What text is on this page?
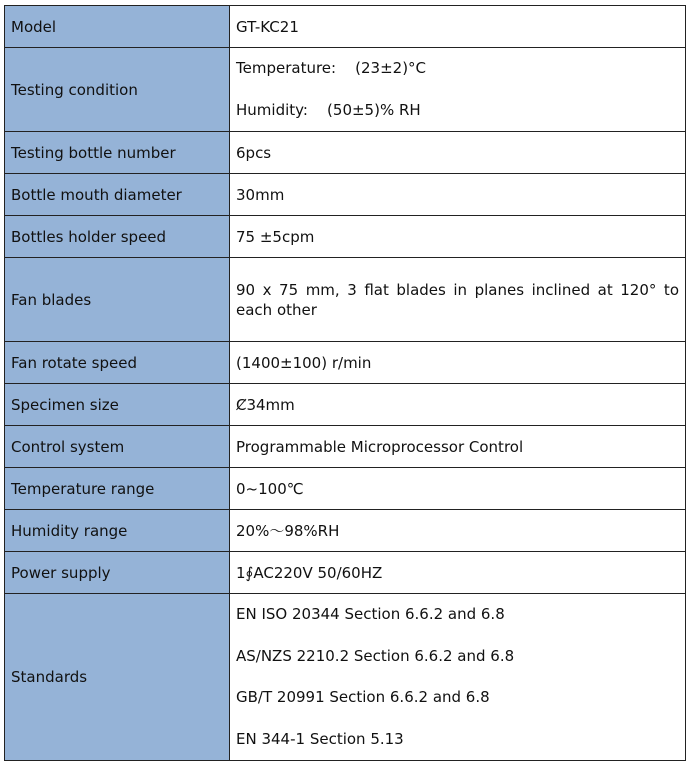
Model	GT-KC21
Testing condition	Temperature:    (23±2)°C
Humidity:    (50±5)% RH

Testing bottle number	6pcs
Bottle mouth diameter	30mm
Bottles holder speed	75 ±5cpm
Fan blades	90 x 75 mm, 3 flat blades in planes inclined at 120° to each other
Fan rotate speed	(1400±100) r/min
Specimen size	Ȼ34mm
Control system	Programmable Microprocessor Control
Temperature range	0~100℃
Humidity range	20%～98%RH
Power supply	1∮AC220V 50/60HZ
Standards	EN ISO 20344 Section 6.6.2 and 6.8
AS/NZS 2210.2 Section 6.6.2 and 6.8
GB/T 20991 Section 6.6.2 and 6.8
EN 344-1 Section 5.13
